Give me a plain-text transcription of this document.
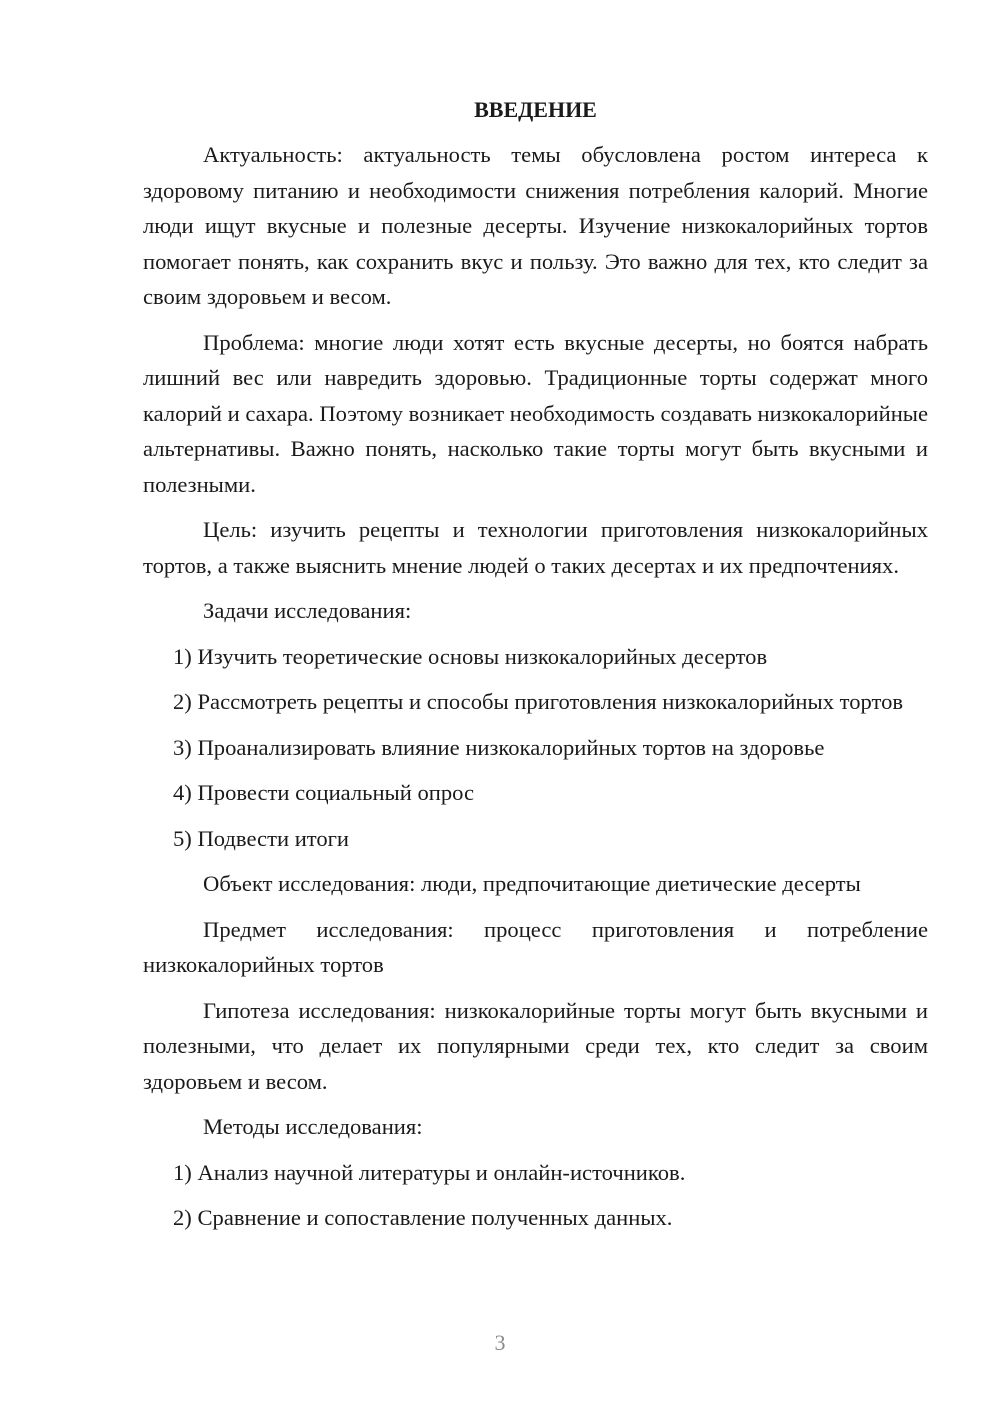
ВВЕДЕНИЕ

Актуальность: актуальность темы обусловлена ростом интереса к здоровому питанию и необходимости снижения потребления калорий. Многие люди ищут вкусные и полезные десерты. Изучение низкокалорийных тортов помогает понять, как сохранить вкус и пользу. Это важно для тех, кто следит за своим здоровьем и весом.

Проблема: многие люди хотят есть вкусные десерты, но боятся набрать лишний вес или навредить здоровью. Традиционные торты содержат много калорий и сахара. Поэтому возникает необходимость создавать низкокалорийные альтернативы. Важно понять, насколько такие торты могут быть вкусными и полезными.

Цель: изучить рецепты и технологии приготовления низкокалорийных тортов, а также выяснить мнение людей о таких десертах и их предпочтениях.

Задачи исследования:

1) Изучить теоретические основы низкокалорийных десертов

2) Рассмотреть рецепты и способы приготовления низкокалорийных тортов

3) Проанализировать влияние низкокалорийных тортов на здоровье

4) Провести социальный опрос

5) Подвести итоги

Объект исследования: люди, предпочитающие диетические десерты

Предмет исследования: процесс приготовления и потребление низкокалорийных тортов

Гипотеза исследования: низкокалорийные торты могут быть вкусными и полезными, что делает их популярными среди тех, кто следит за своим здоровьем и весом.

Методы исследования:

1) Анализ научной литературы и онлайн-источников.

2) Сравнение и сопоставление полученных данных.

3
